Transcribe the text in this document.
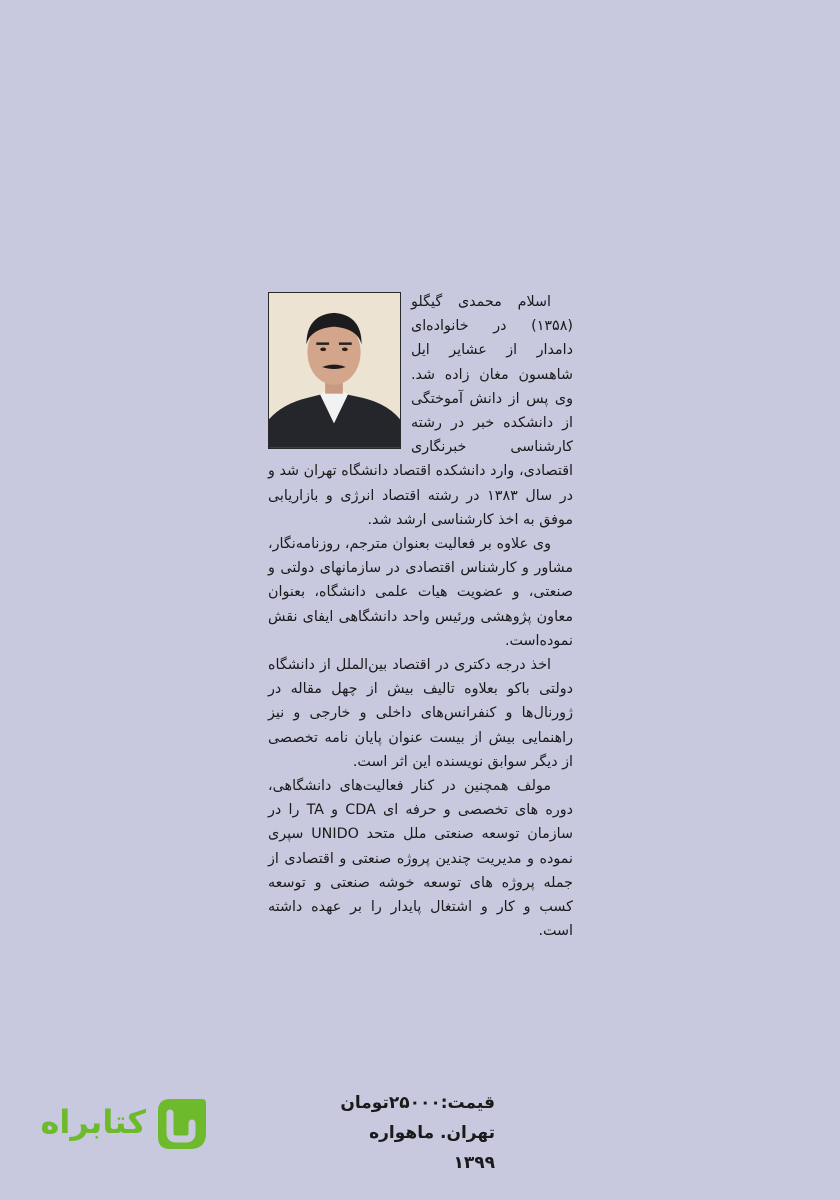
اسلام محمدی گیگلو (۱۳۵۸) در خانواده‌ای دامدار از عشایر ایل شاهسون مغان زاده شد. وی پس از دانش آموختگی از دانشکده خبر در رشته کارشناسی خبرنگاری اقتصادی، وارد دانشکده اقتصاد دانشگاه تهران شد و در سال ۱۳۸۳ در رشته اقتصاد انرژی و بازاریابی موفق به اخذ کارشناسی ارشد شد.

وی علاوه بر فعالیت بعنوان مترجم، روزنامه‌نگار، مشاور و کارشناس اقتصادی در سازمانهای دولتی و صنعتی، و عضویت هیات علمی دانشگاه، بعنوان معاون پژوهشی ورئیس واحد دانشگاهی ایفای نقش نموده‌است.

اخذ درجه دکتری در اقتصاد بین‌الملل از دانشگاه دولتی باکو بعلاوه تالیف بیش از چهل مقاله در ژورنال‌ها و کنفرانس‌های داخلی و خارجی و نیز راهنمایی بیش از بیست عنوان پایان نامه تخصصی از دیگر سوابق نویسنده این اثر است.

مولف همچنین در کنار فعالیت‌های دانشگاهی، دوره های تخصصی و حرفه ای CDA و TA را در سازمان توسعه صنعتی ملل متحد UNIDO سپری نموده و مدیریت چندین پروژه صنعتی و اقتصادی از جمله پروژه های توسعه خوشه صنعتی و توسعه کسب و کار و اشتغال پایدار را بر عهده داشته است.

قیمت:۲۵۰۰۰تومان
تهران. ماهواره ۱۳۹۹
کتابراه
